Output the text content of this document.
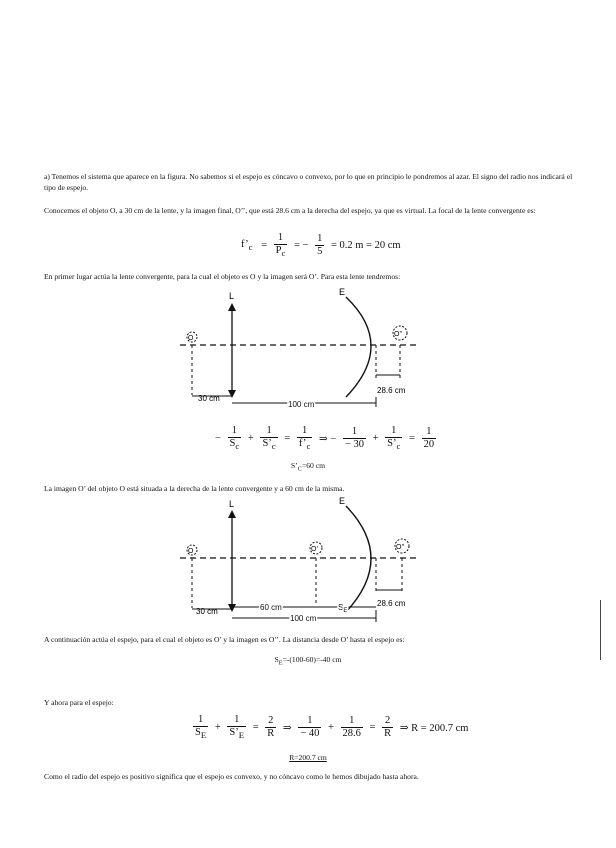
a) Tenemos el sistema que aparece en la figura. No sabemos si el espejo es cóncavo o convexo, por lo que en principio le pondremos al azar. El signo del radio nos indicará el tipo de espejo.

Conocemos el objeto O, a 30 cm de la lente, y la imagen final, O’’, que está 28.6 cm a la derecha del espejo, ya que es virtual. La focal de la lente convergente es:

$f’_c = \frac{1}{P_c}$ = − $\frac{1}{5} = 0.2$ m = 20 cm

En primer lugar actúa la lente convergente, para la cual el objeto es O y la imagen será O’. Para esta lente tendremos:

L	E
O
O’’
28.6 cm
30 cm
100 cm
− $\frac{1}{S_c} + \frac{1}{S’_c} = \frac{1}{f’_c}$ ⇒ − $\frac{1}{- 30} + \frac{1}{S’_c} = \frac{1}{20}$
$S’_C=60$ cm

La imagen O’ del objeto O está situada a la derecha de la lente convergente y a 60 cm de la misma.

L	E
O	O’	O’’
28.6 cm
30 cm	60 cm	$S_E$
100 cm

A continuación actúa el espejo, para el cual el objeto es O’ y la imagen es O’’. La distancia desde O’ hasta el espejo es:

$S_E=-(100-60)=-40$ cm

Y ahora para el espejo:

$\frac{1}{S_E} + \frac{1}{S’_E} = \frac{2}{R}$ ⇒ $\frac{1}{- 40} + \frac{1}{28.6} = \frac{2}{R}$ ⇒ R = 200.7 cm
R=200.7 cm

Como el radio del espejo es positivo significa que el espejo es convexo, y no cóncavo como le hemos dibujado hasta ahora.
